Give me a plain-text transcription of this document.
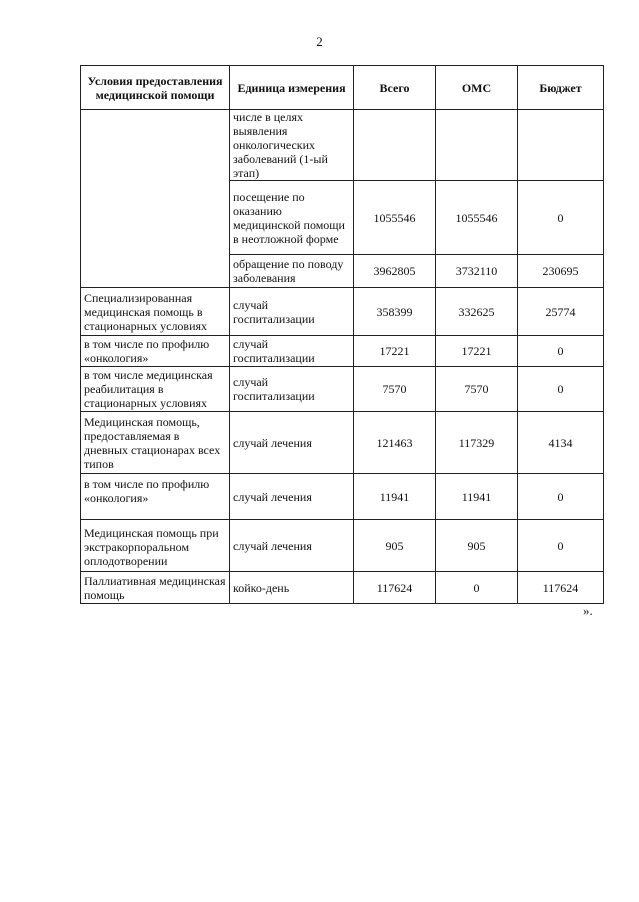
2
Условия предоставления медицинской помощи	Единица измерения	Всего	ОМС	Бюджет
	числе в целях выявления онкологических заболеваний (1-ый этап)			
	посещение по оказанию медицинской помощи в неотложной форме	1055546	1055546	0
	обращение по поводу заболевания	3962805	3732110	230695
Специализированная медицинская помощь в стационарных условиях	случай госпитализации	358399	332625	25774
в том числе по профилю «онкология»	случай госпитализации	17221	17221	0
в том числе медицинская реабилитация в стационарных условиях	случай госпитализации	7570	7570	0
Медицинская помощь, предоставляемая в дневных стационарах всех типов	случай лечения	121463	117329	4134
в том числе по профилю «онкология»	случай лечения	11941	11941	0
Медицинская помощь при экстракорпоральном оплодотворении	случай лечения	905	905	0
Паллиативная медицинская помощь	койко-день	117624	0	117624
».
